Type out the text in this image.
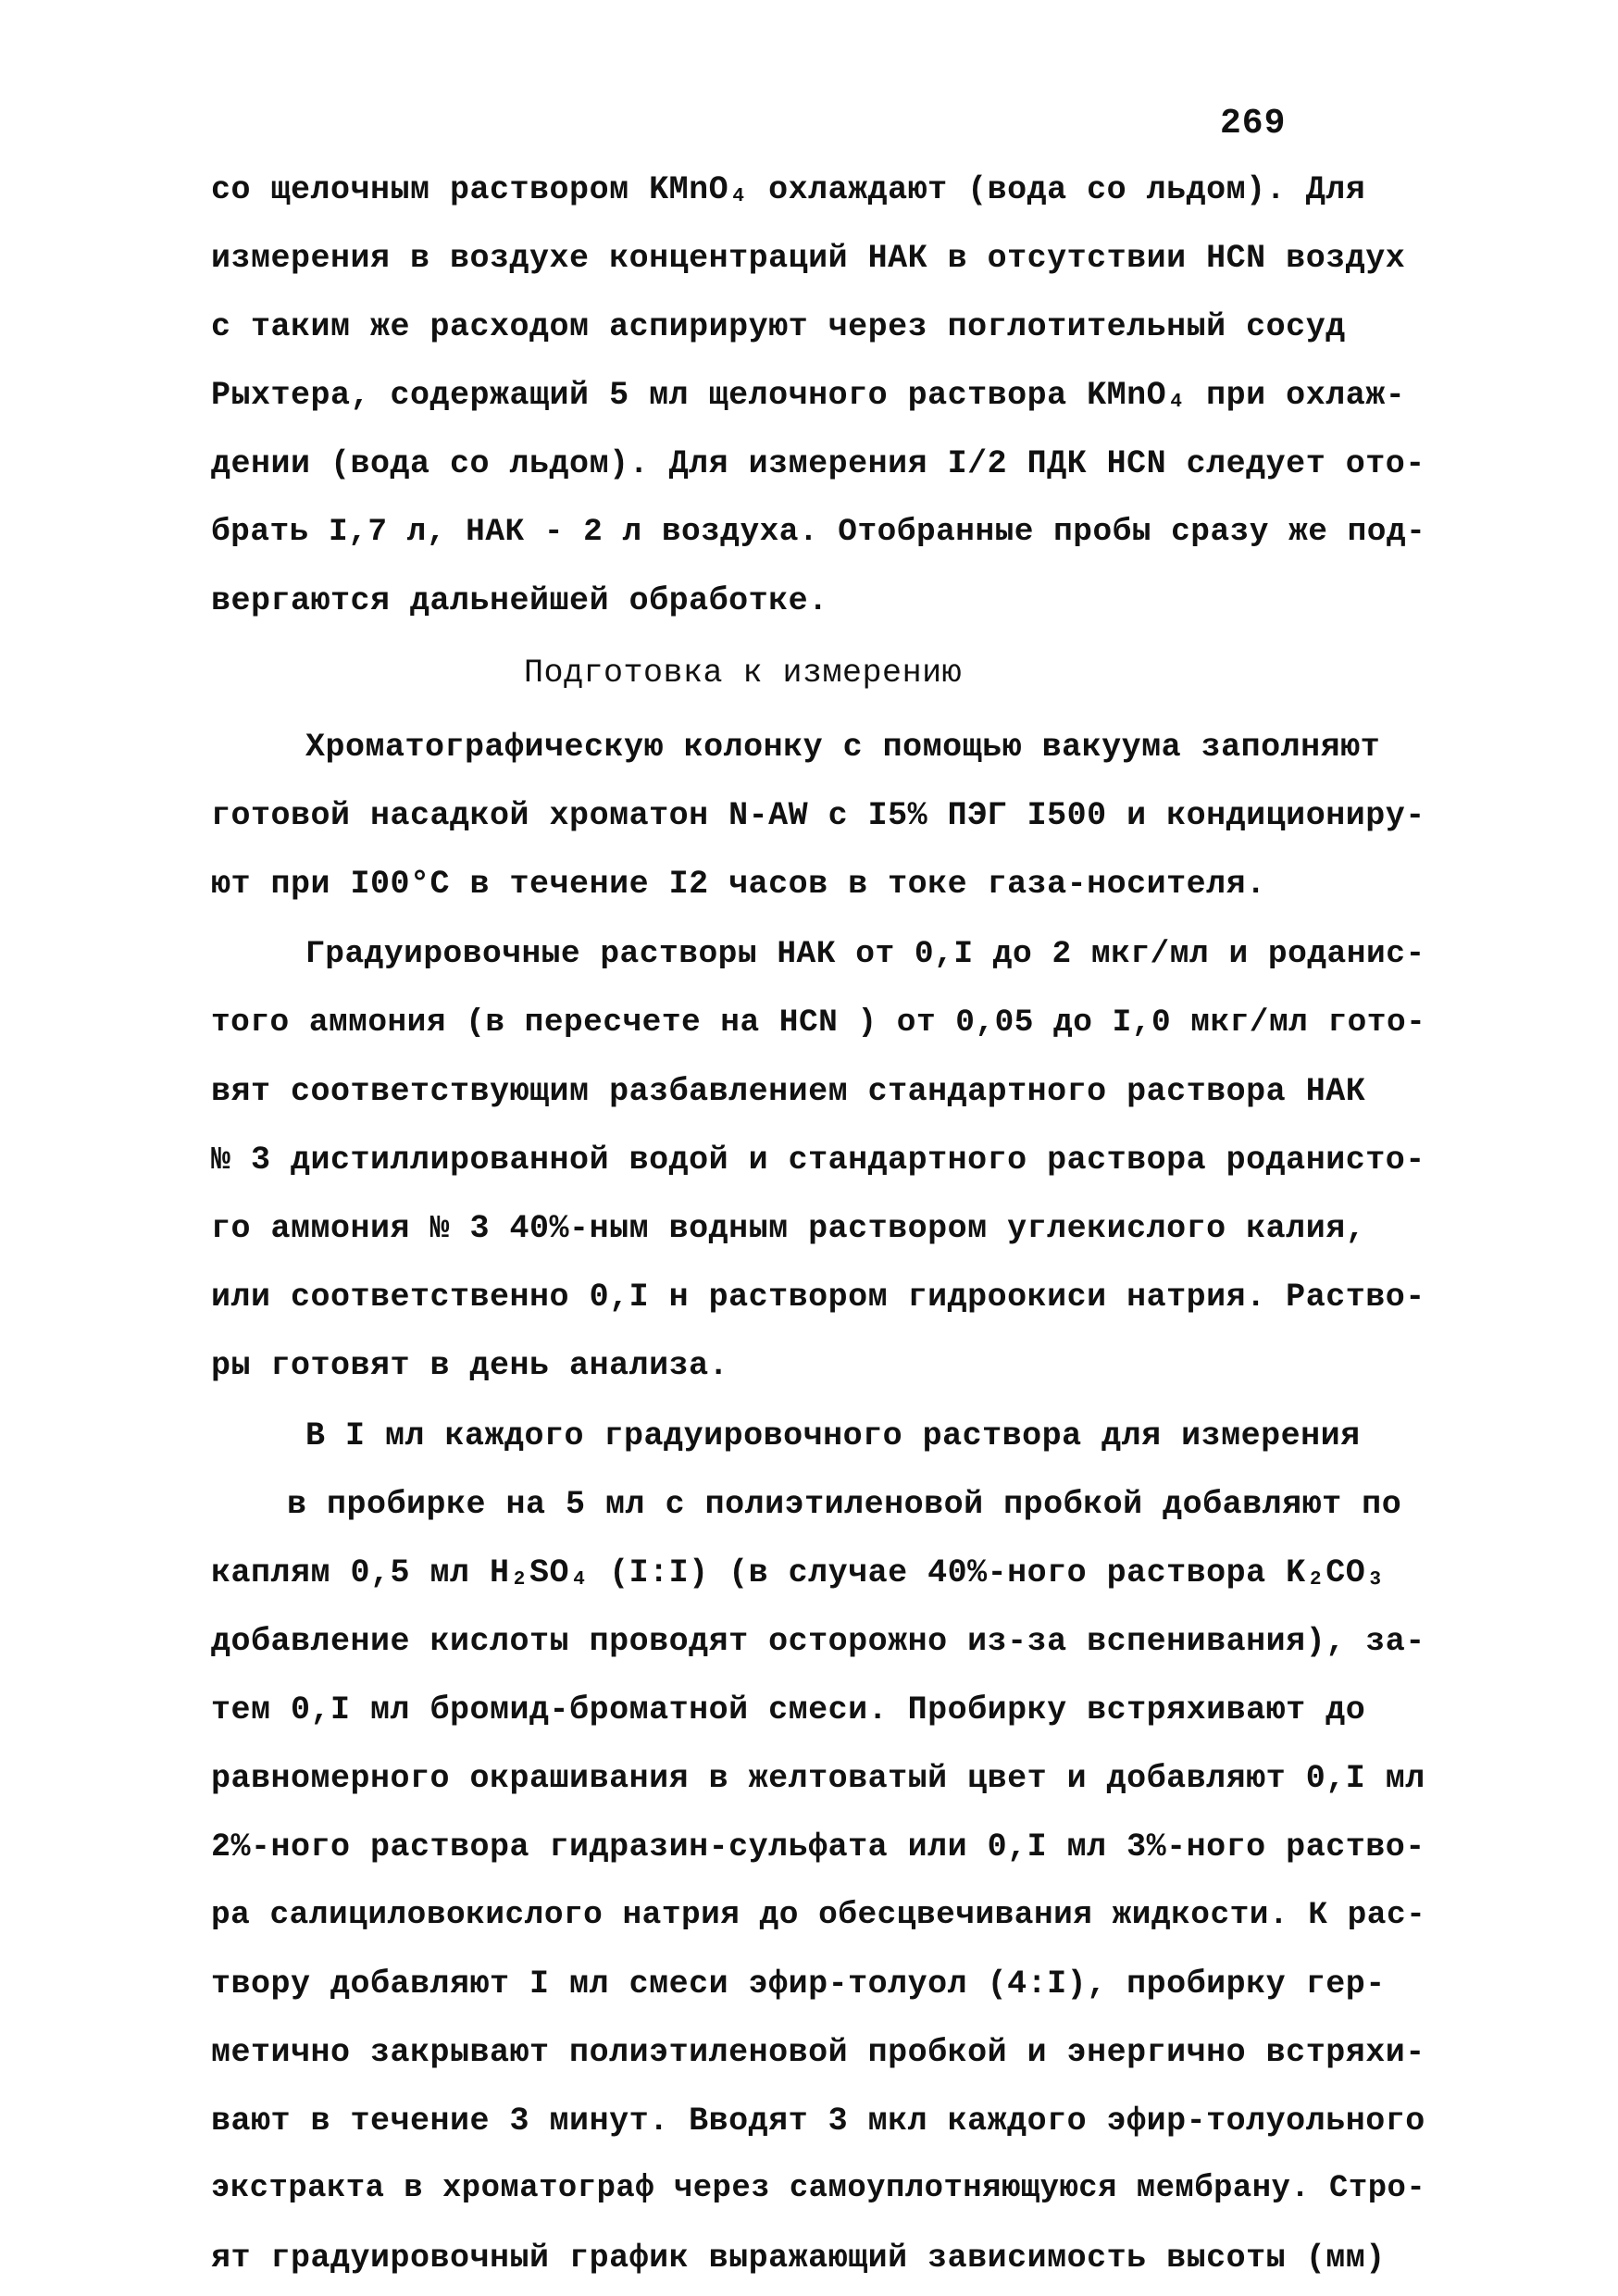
269
со щелочным раствором KMnO₄ охлаждают (вода со льдом). Для
измерения в воздухе концентраций НАК в отсутствии HCN воздух
с таким же расходом аспирируют через поглотительный сосуд
Рыхтера, содержащий 5 мл щелочного раствора KMnO₄ при охлаж-
дении (вода со льдом). Для измерения I/2 ПДК HCN следует ото-
брать I,7 л, НАК - 2 л воздуха. Отобранные пробы сразу же под-
вергаются дальнейшей обработке.
Подготовка к измерению
Хроматографическую колонку с помощью вакуума заполняют
готовой насадкой хроматон N-AW с I5% ПЭГ I500 и кондициониру-
ют при I00°С в течение I2 часов в токе газа-носителя.
Градуировочные растворы НАК от 0,I до 2 мкг/мл и роданис-
того аммония (в пересчете на HCN ) от 0,05 до I,0 мкг/мл гото-
вят соответствующим разбавлением стандартного раствора НАК
№ 3 дистиллированной водой и стандартного раствора роданисто-
го аммония № 3 40%-ным водным раствором углекислого калия,
или соответственно 0,I н раствором гидроокиси натрия. Раство-
ры готовят в день анализа.
В I мл каждого градуировочного раствора для измерения
в пробирке на 5 мл с полиэтиленовой пробкой добавляют по
каплям 0,5 мл H₂SO₄ (I:I) (в случае 40%-ного раствора K₂CO₃
добавление кислоты проводят осторожно из-за вспенивания), за-
тем 0,I мл бромид-броматной смеси. Пробирку встряхивают до
равномерного окрашивания в желтоватый цвет и добавляют 0,I мл
2%-ного раствора гидразин-сульфата или 0,I мл 3%-ного раство-
ра салициловокислого натрия до обесцвечивания жидкости. К рас-
твору добавляют I мл смеси эфир-толуол (4:I), пробирку гер-
метично закрывают полиэтиленовой пробкой и энергично встряхи-
вают в течение 3 минут. Вводят 3 мкл каждого эфир-толуольного
экстракта в хроматограф через самоуплотняющуюся мембрану. Стро-
ят градуировочный график выражающий зависимость высоты (мм)
